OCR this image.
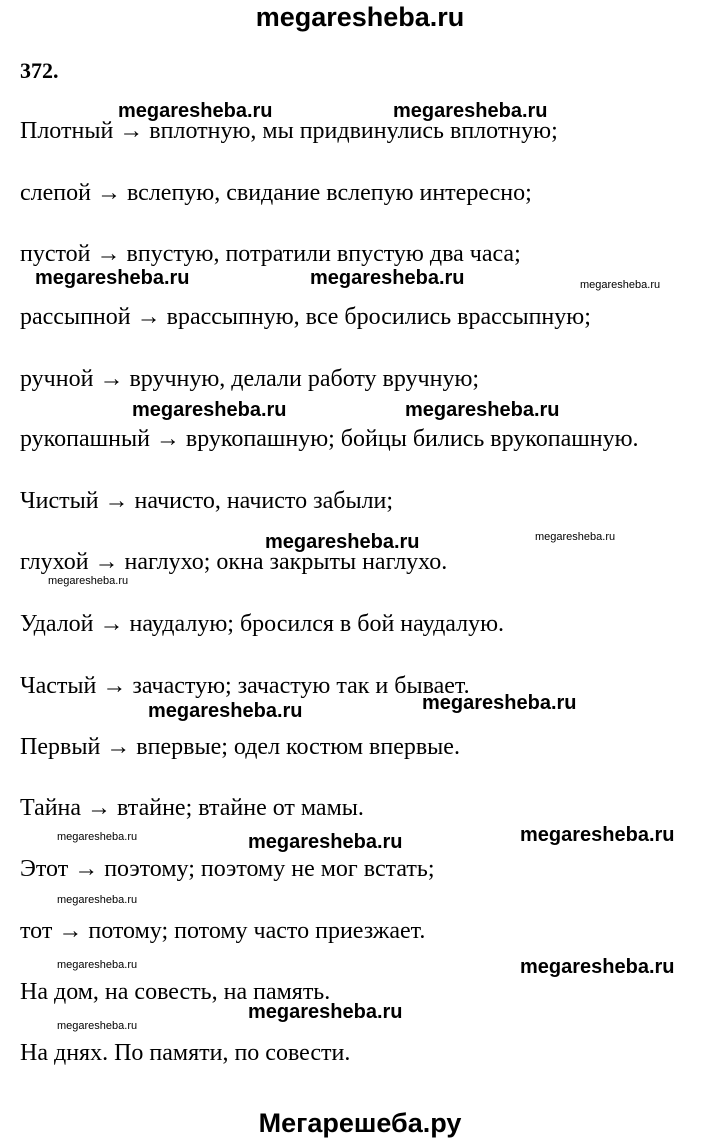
megaresheba.ru
372.
megaresheba.ru	megaresheba.ru
megaresheba.ru	megaresheba.ru	megaresheba.ru
megaresheba.ru	megaresheba.ru
megaresheba.ru	megaresheba.ru
megaresheba.ru
megaresheba.ru
megaresheba.ru
megaresheba.ru	megaresheba.ru	megaresheba.ru
megaresheba.ru
megaresheba.ru	megaresheba.ru
megaresheba.ru
megaresheba.ru
Плотный → вплотную, мы придвинулись вплотную;
слепой → вслепую, свидание вслепую интересно;
пустой → впустую, потратили впустую два часа;
рассыпной → врассыпную, все бросились врассыпную;
ручной → вручную, делали работу вручную;
рукопашный → врукопашную; бойцы бились врукопашную.
Чистый → начисто, начисто забыли;
глухой → наглухо; окна закрыты наглухо.
Удалой → наудалую; бросился в бой наудалую.
Частый → зачастую; зачастую так и бывает.
Первый → впервые; одел костюм впервые.
Тайна → втайне; втайне от мамы.
Этот → поэтому; поэтому не мог встать;
тот → потому; потому часто приезжает.
На дом, на совесть, на память.
На днях. По памяти, по совести.
Мегарешеба.ру
